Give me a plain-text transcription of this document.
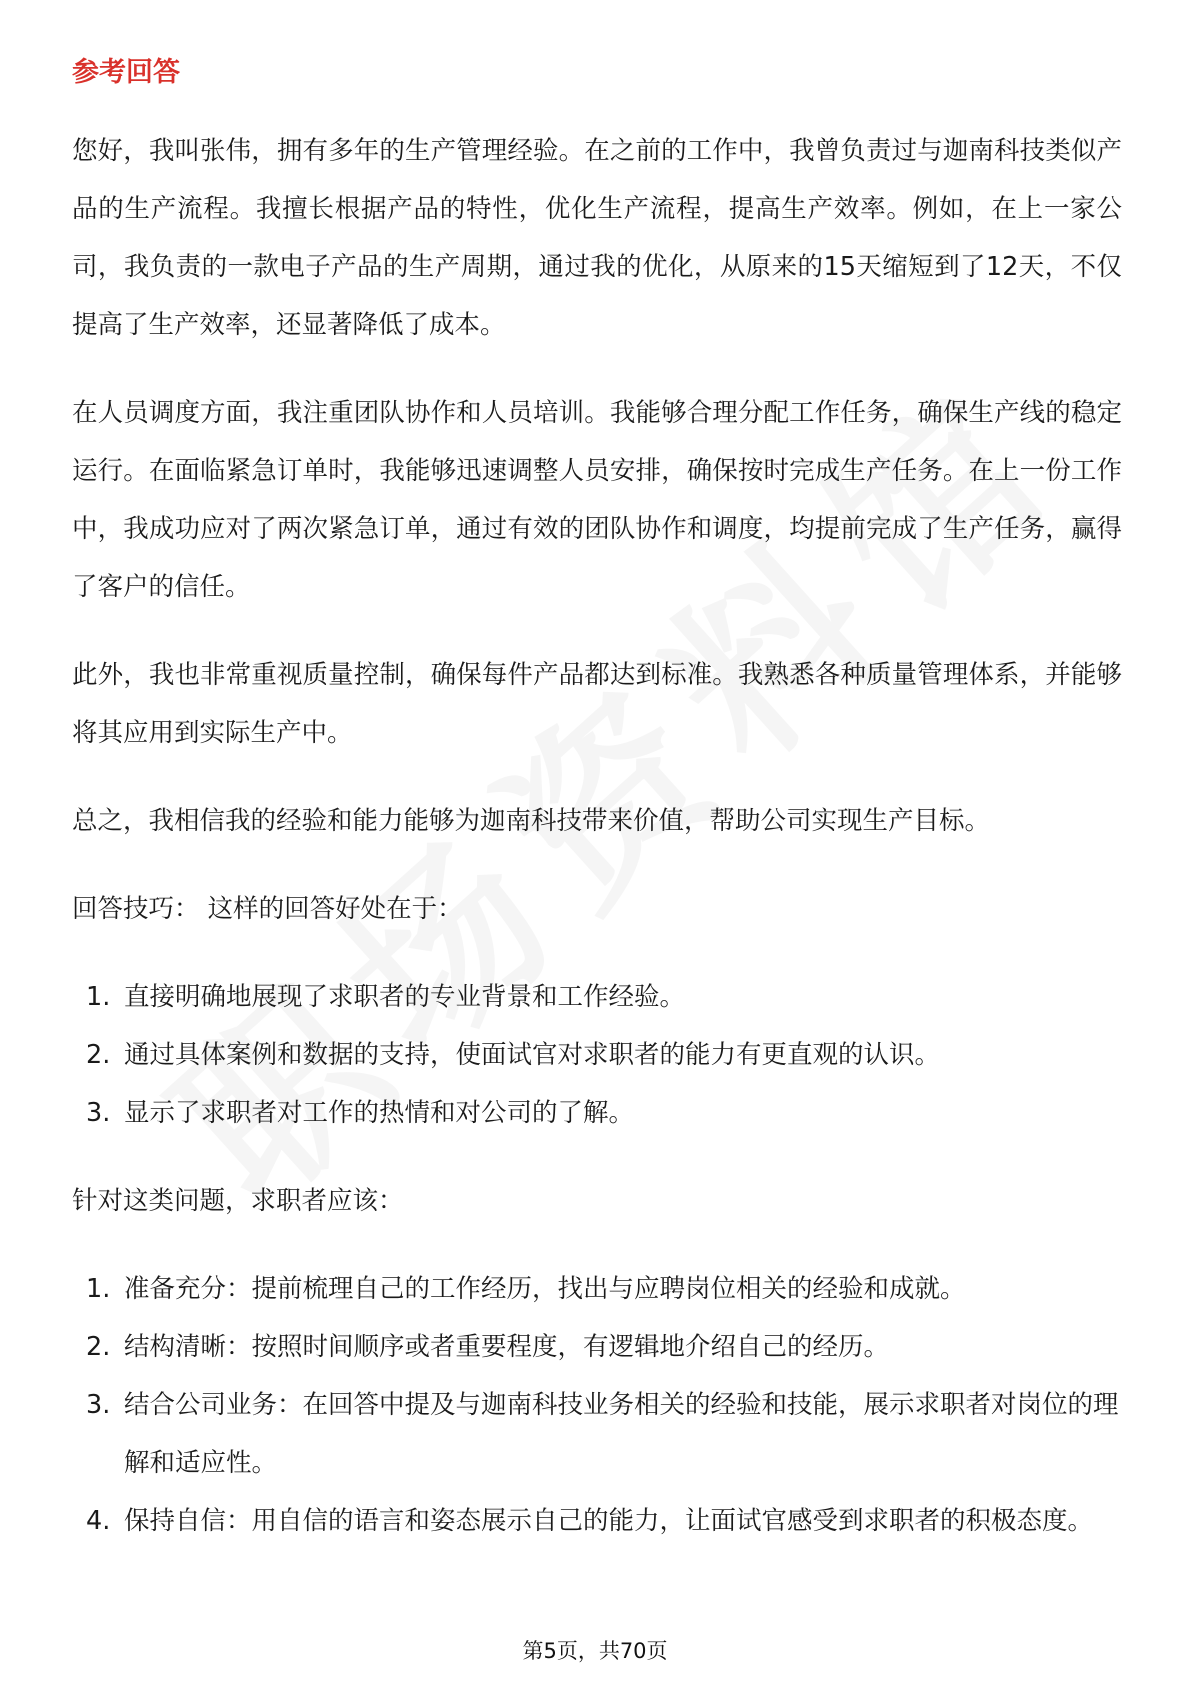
参考回答

您好，我叫张伟，拥有多年的生产管理经验。在之前的工作中，我曾负责过与迦南科技类似产品的生产流程。我擅长根据产品的特性，优化生产流程，提高生产效率。例如，在上一家公司，我负责的一款电子产品的生产周期，通过我的优化，从原来的15天缩短到了12天，不仅提高了生产效率，还显著降低了成本。

在人员调度方面，我注重团队协作和人员培训。我能够合理分配工作任务，确保生产线的稳定运行。在面临紧急订单时，我能够迅速调整人员安排，确保按时完成生产任务。在上一份工作中，我成功应对了两次紧急订单，通过有效的团队协作和调度，均提前完成了生产任务，赢得了客户的信任。

此外，我也非常重视质量控制，确保每件产品都达到标准。我熟悉各种质量管理体系，并能够将其应用到实际生产中。

总之，我相信我的经验和能力能够为迦南科技带来价值，帮助公司实现生产目标。

回答技巧： 这样的回答好处在于：

1. 直接明确地展现了求职者的专业背景和工作经验。
2. 通过具体案例和数据的支持，使面试官对求职者的能力有更直观的认识。
3. 显示了求职者对工作的热情和对公司的了解。

针对这类问题，求职者应该：

1. 准备充分：提前梳理自己的工作经历，找出与应聘岗位相关的经验和成就。
2. 结构清晰：按照时间顺序或者重要程度，有逻辑地介绍自己的经历。
3. 结合公司业务：在回答中提及与迦南科技业务相关的经验和技能，展示求职者对岗位的理解和适应性。
4. 保持自信：用自信的语言和姿态展示自己的能力，让面试官感受到求职者的积极态度。
第5页，共70页
